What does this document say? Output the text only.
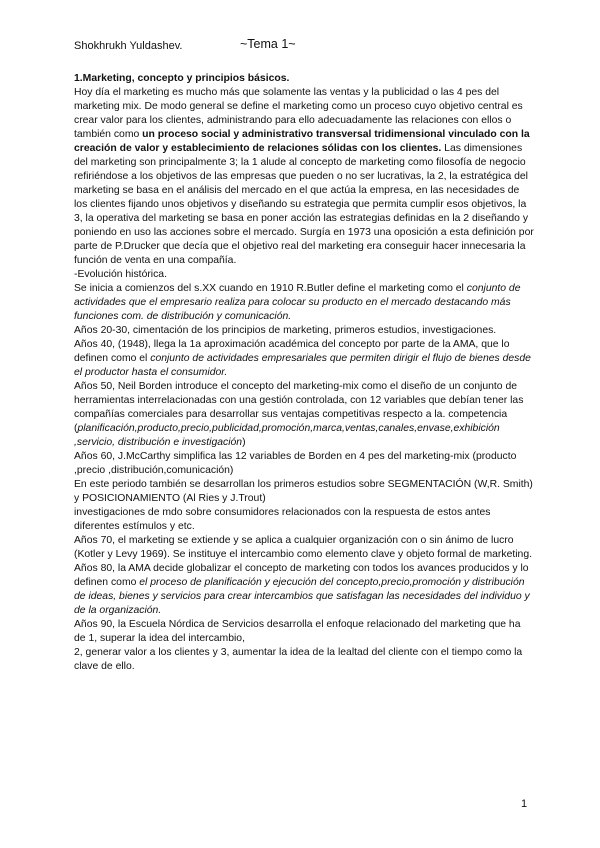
Shokhrukh Yuldashev.	~Tema 1~

1.Marketing, concepto y principios básicos.

Hoy día el marketing es mucho más que solamente las ventas y la publicidad o las 4 pes del marketing mix. De modo general se define el marketing como un proceso cuyo objetivo central es crear valor para los clientes, administrando para ello adecuadamente las relaciones con ellos o también como un proceso social y administrativo transversal tridimensional vinculado con la creación de valor y establecimiento de relaciones sólidas con los clientes. Las dimensiones del marketing son principalmente 3; la 1 alude al concepto de marketing como filosofía de negocio refiriéndose a los objetivos de las empresas que pueden o no ser lucrativas, la 2, la estratégica del marketing se basa en el análisis del mercado en el que actúa la empresa, en las necesidades de los clientes fijando unos objetivos y diseñando su estrategia que permita cumplir esos objetivos, la 3, la operativa del marketing se basa en poner acción las estrategias definidas en la 2 diseñando y poniendo en uso las acciones sobre el mercado. Surgía en 1973 una oposición a esta definición por parte de P.Drucker que decía que el objetivo real del marketing era conseguir hacer innecesaria la función de venta en una compañía.

-Evolución histórica.

Se inicia a comienzos del s.XX cuando en 1910 R.Butler define el marketing como el conjunto de actividades que el empresario realiza para colocar su producto en el mercado destacando más funciones com. de distribución y comunicación.

Años 20-30, cimentación de los principios de marketing, primeros estudios, investigaciones.

Años 40, (1948), llega la 1a aproximación académica del concepto por parte de la AMA, que lo definen como el conjunto de actividades empresariales que permiten dirigir el flujo de bienes desde el productor hasta el consumidor.

Años 50, Neil Borden introduce el concepto del marketing-mix como el diseño de un conjunto de herramientas interrelacionadas con una gestión controlada, con 12 variables que debían tener las compañías comerciales para desarrollar sus ventajas competitivas respecto a la. competencia
(planificación,producto,precio,publicidad,promoción,marca,ventas,canales,envase,exhibición ,servicio, distribución e investigación)

Años 60, J.McCarthy simplifica las 12 variables de Borden en 4 pes del marketing-mix (producto ,precio ,distribución,comunicación)

En este periodo también se desarrollan los primeros estudios sobre SEGMENTACIÓN (W,R. Smith) y POSICIONAMIENTO (Al Ries y J.Trout)

investigaciones de mdo sobre consumidores relacionados con la respuesta de estos antes diferentes estímulos y etc.

Años 70, el marketing se extiende y se aplica a cualquier organización con o sin ánimo de lucro (Kotler y Levy 1969). Se instituye el intercambio como elemento clave y objeto formal de marketing.

Años 80, la AMA decide globalizar el concepto de marketing con todos los avances producidos y lo definen como el proceso de planificación y ejecución del concepto,precio,promoción y distribución de ideas, bienes y servicios para crear intercambios que satisfagan las necesidades del individuo y de la organización.

Años 90, la Escuela Nórdica de Servicios desarrolla el enfoque relacionado del marketing que ha de 1, superar la idea del intercambio,

2, generar valor a los clientes y 3, aumentar la idea de la lealtad del cliente con el tiempo como la clave de ello.

1
